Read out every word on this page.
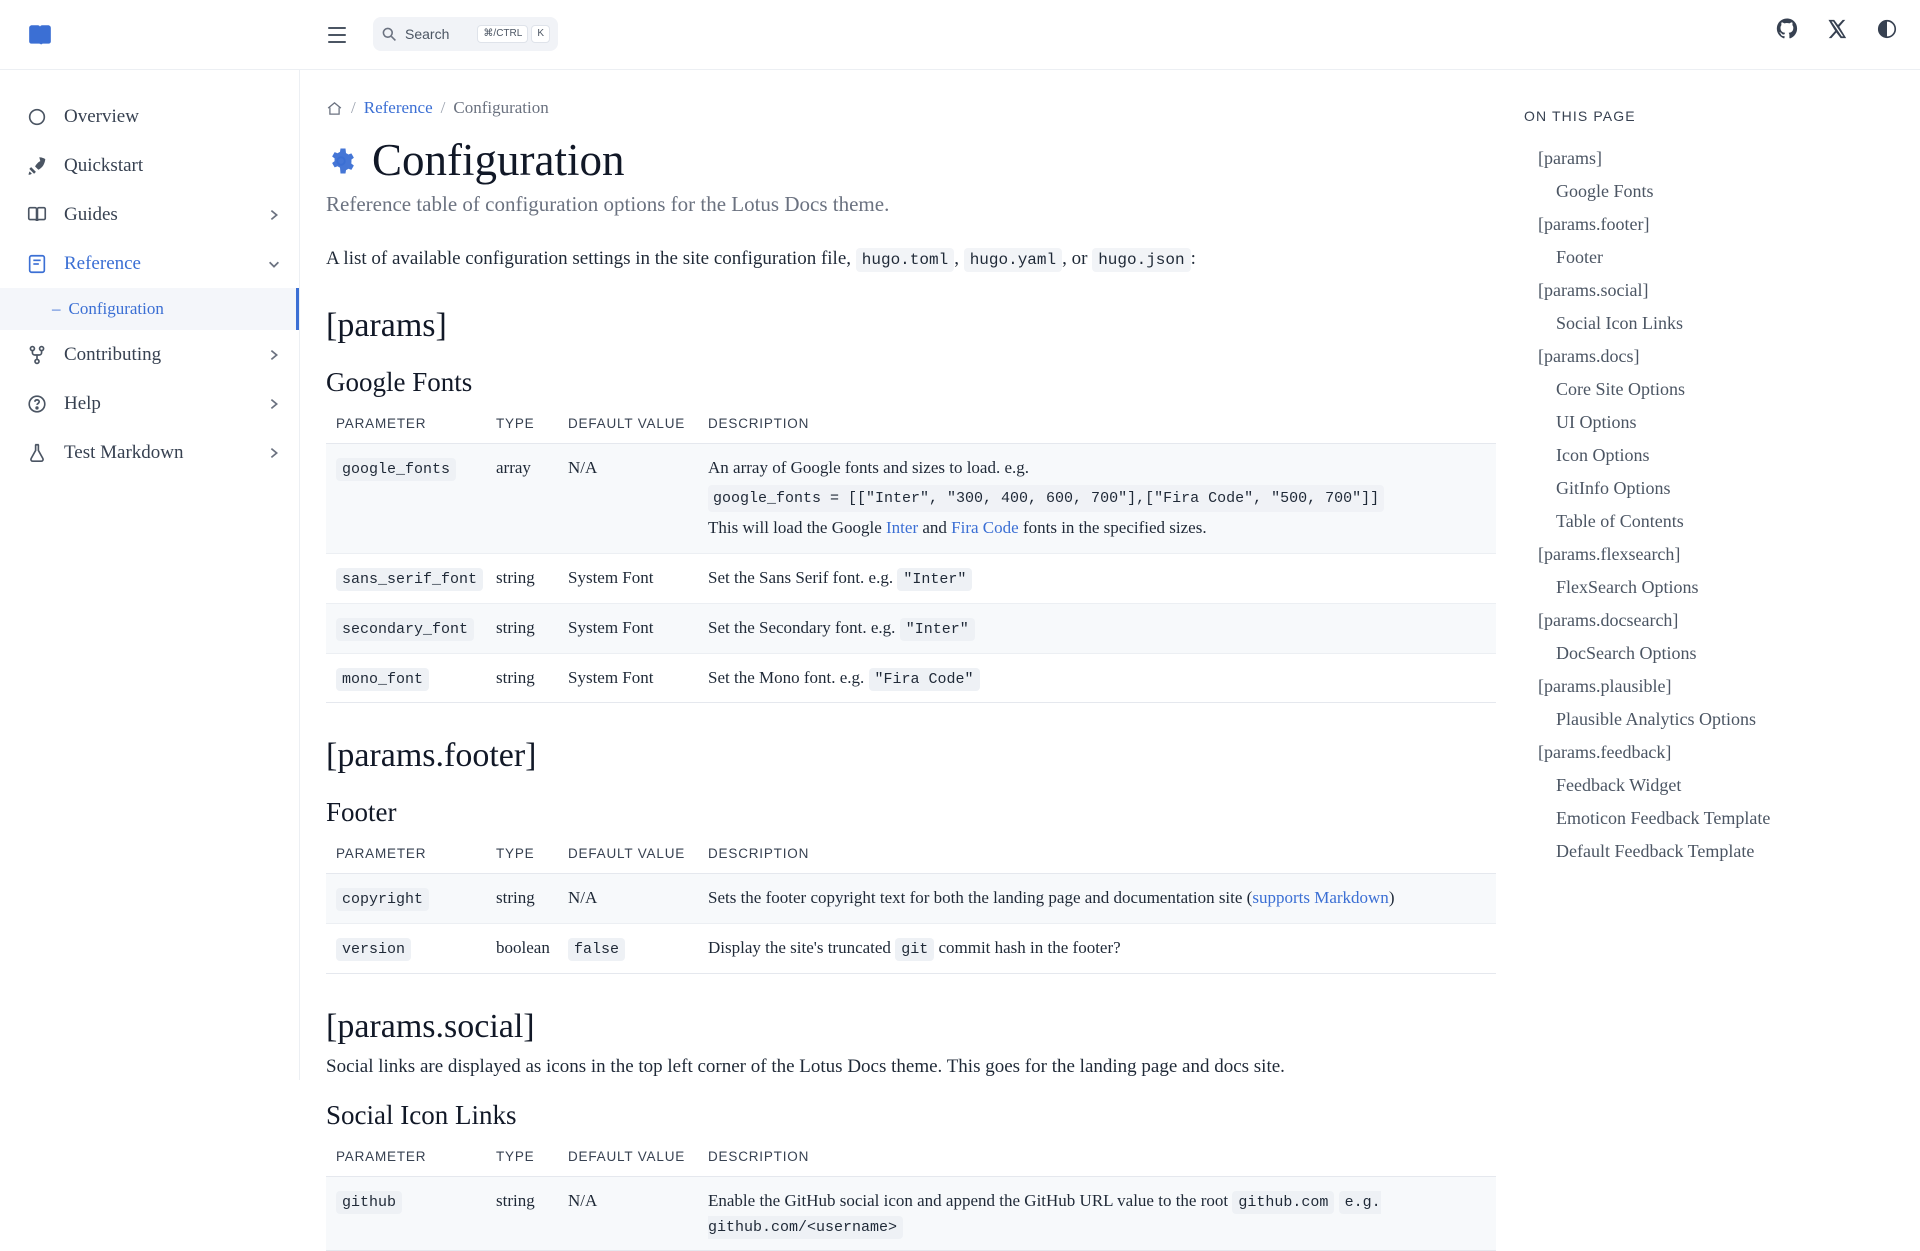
Search	⌘/CTRL	K
Overview
Quickstart
Guides
Reference
– Configuration
Contributing
Help
Test Markdown
/ Reference / Configuration
Configuration
Reference table of configuration options for the Lotus Docs theme.

A list of available configuration settings in the site configuration file, hugo.toml , hugo.yaml , or hugo.json :

[params]
Google Fonts
PARAMETER	TYPE	DEFAULT VALUE	DESCRIPTION
google_fonts	array	N/A	An array of Google fonts and sizes to load. e.g.
google_fonts = [["Inter", "300, 400, 600, 700"],["Fira Code", "500, 700"]]
This will load the Google Inter and Fira Code fonts in the specified sizes.
sans_serif_font	string	System Font	Set the Sans Serif font. e.g. "Inter"
secondary_font	string	System Font	Set the Secondary font. e.g. "Inter"
mono_font	string	System Font	Set the Mono font. e.g. "Fira Code"
[params.footer]
Footer
PARAMETER	TYPE	DEFAULT VALUE	DESCRIPTION
copyright	string	N/A	Sets the footer copyright text for both the landing page and documentation site (supports Markdown)
version	boolean	false	Display the site's truncated git commit hash in the footer?
[params.social]

Social links are displayed as icons in the top left corner of the Lotus Docs theme. This goes for the landing page and docs site.

Social Icon Links
PARAMETER	TYPE	DEFAULT VALUE	DESCRIPTION
github	string	N/A	Enable the GitHub social icon and append the GitHub URL value to the root github.com e.g. github.com/<username>
ON THIS PAGE
[params]
Google Fonts
[params.footer]
Footer
[params.social]
Social Icon Links
[params.docs]
Core Site Options
UI Options
Icon Options
GitInfo Options
Table of Contents
[params.flexsearch]
FlexSearch Options
[params.docsearch]
DocSearch Options
[params.plausible]
Plausible Analytics Options
[params.feedback]
Feedback Widget
Emoticon Feedback Template
Default Feedback Template
